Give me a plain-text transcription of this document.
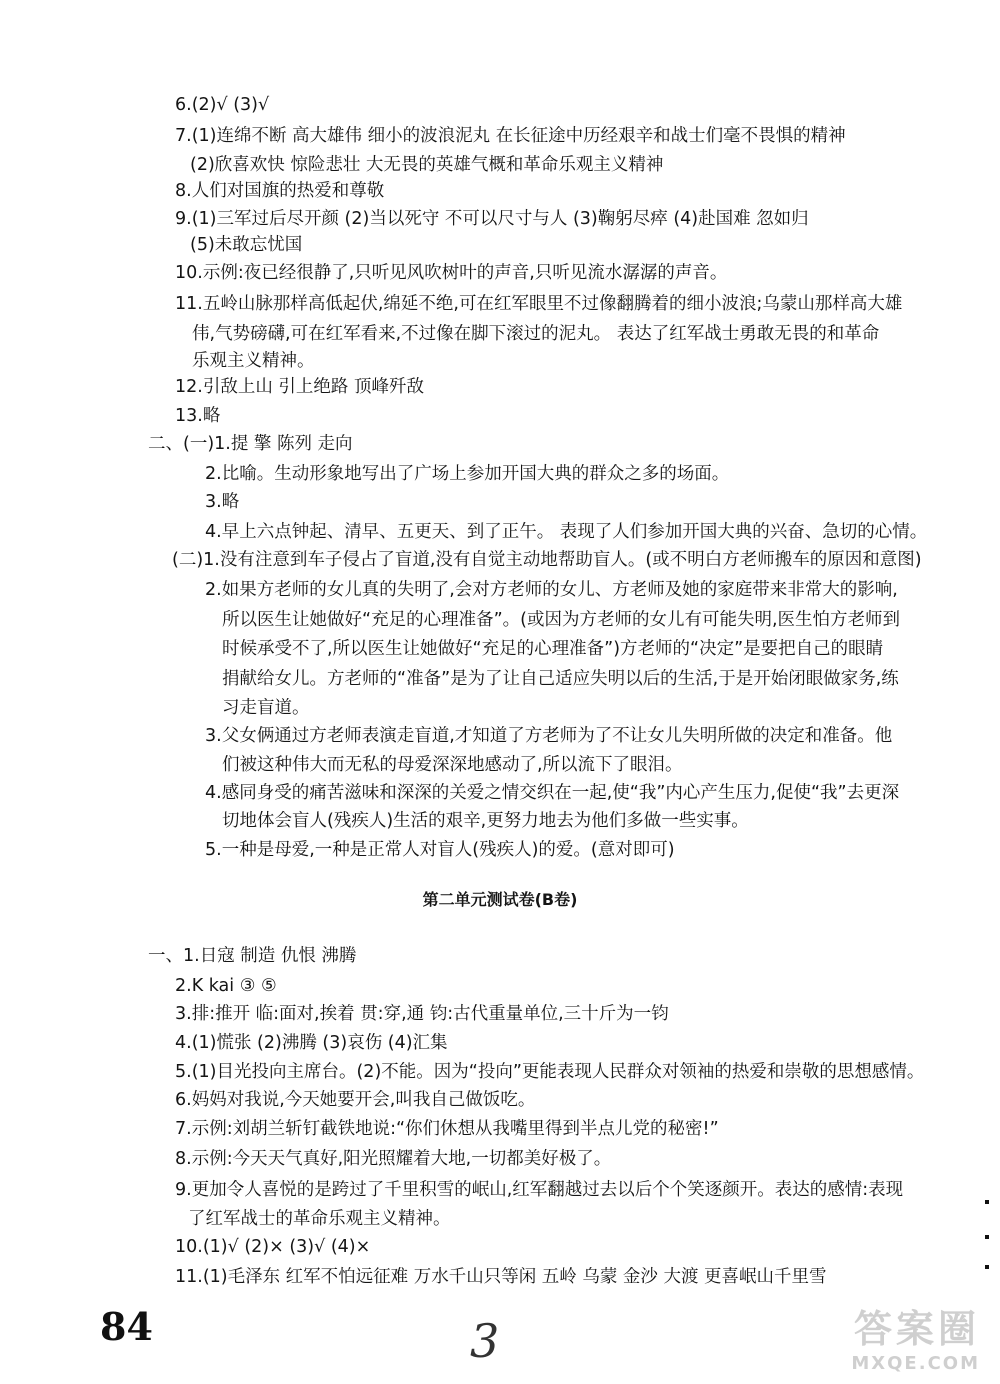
6.(2)√ (3)√
7.(1)连绵不断 高大雄伟 细小的波浪泥丸 在长征途中历经艰辛和战士们毫不畏惧的精神
(2)欣喜欢快 惊险悲壮 大无畏的英雄气概和革命乐观主义精神
8.人们对国旗的热爱和尊敬
9.(1)三军过后尽开颜 (2)当以死守 不可以尺寸与人 (3)鞠躬尽瘁 (4)赴国难 忽如归
(5)未敢忘忧国
10.示例:夜已经很静了,只听见风吹树叶的声音,只听见流水潺潺的声音。
11.五岭山脉那样高低起伏,绵延不绝,可在红军眼里不过像翻腾着的细小波浪;乌蒙山那样高大雄
伟,气势磅礴,可在红军看来,不过像在脚下滚过的泥丸。 表达了红军战士勇敢无畏的和革命
乐观主义精神。
12.引敌上山 引上绝路 顶峰歼敌
13.略
二、(一)1.提 擎 陈列 走向
2.比喻。生动形象地写出了广场上参加开国大典的群众之多的场面。
3.略
4.早上六点钟起、清早、五更天、到了正午。 表现了人们参加开国大典的兴奋、急切的心情。
(二)1.没有注意到车子侵占了盲道,没有自觉主动地帮助盲人。(或不明白方老师搬车的原因和意图)
2.如果方老师的女儿真的失明了,会对方老师的女儿、方老师及她的家庭带来非常大的影响,
所以医生让她做好“充足的心理准备”。(或因为方老师的女儿有可能失明,医生怕方老师到
时候承受不了,所以医生让她做好“充足的心理准备”)方老师的“决定”是要把自己的眼睛
捐献给女儿。方老师的“准备”是为了让自己适应失明以后的生活,于是开始闭眼做家务,练
习走盲道。
3.父女俩通过方老师表演走盲道,才知道了方老师为了不让女儿失明所做的决定和准备。他
们被这种伟大而无私的母爱深深地感动了,所以流下了眼泪。
4.感同身受的痛苦滋味和深深的关爱之情交织在一起,使“我”内心产生压力,促使“我”去更深
切地体会盲人(残疾人)生活的艰辛,更努力地去为他们多做一些实事。
5.一种是母爱,一种是正常人对盲人(残疾人)的爱。(意对即可)
第二单元测试卷(B卷)
一、1.日寇 制造 仇恨 沸腾
2.K kai ③ ⑤
3.排:推开 临:面对,挨着 贯:穿,通 钧:古代重量单位,三十斤为一钧
4.(1)慌张 (2)沸腾 (3)哀伤 (4)汇集
5.(1)目光投向主席台。(2)不能。因为“投向”更能表现人民群众对领袖的热爱和崇敬的思想感情。
6.妈妈对我说,今天她要开会,叫我自己做饭吃。
7.示例:刘胡兰斩钉截铁地说:“你们休想从我嘴里得到半点儿党的秘密!”
8.示例:今天天气真好,阳光照耀着大地,一切都美好极了。
9.更加令人喜悦的是跨过了千里积雪的岷山,红军翻越过去以后个个笑逐颜开。表达的感情:表现
了红军战士的革命乐观主义精神。
10.(1)√ (2)× (3)√ (4)×
11.(1)毛泽东 红军不怕远征难 万水千山只等闲 五岭 乌蒙 金沙 大渡 更喜岷山千里雪
84	3	答案圈
MXQE.COM
